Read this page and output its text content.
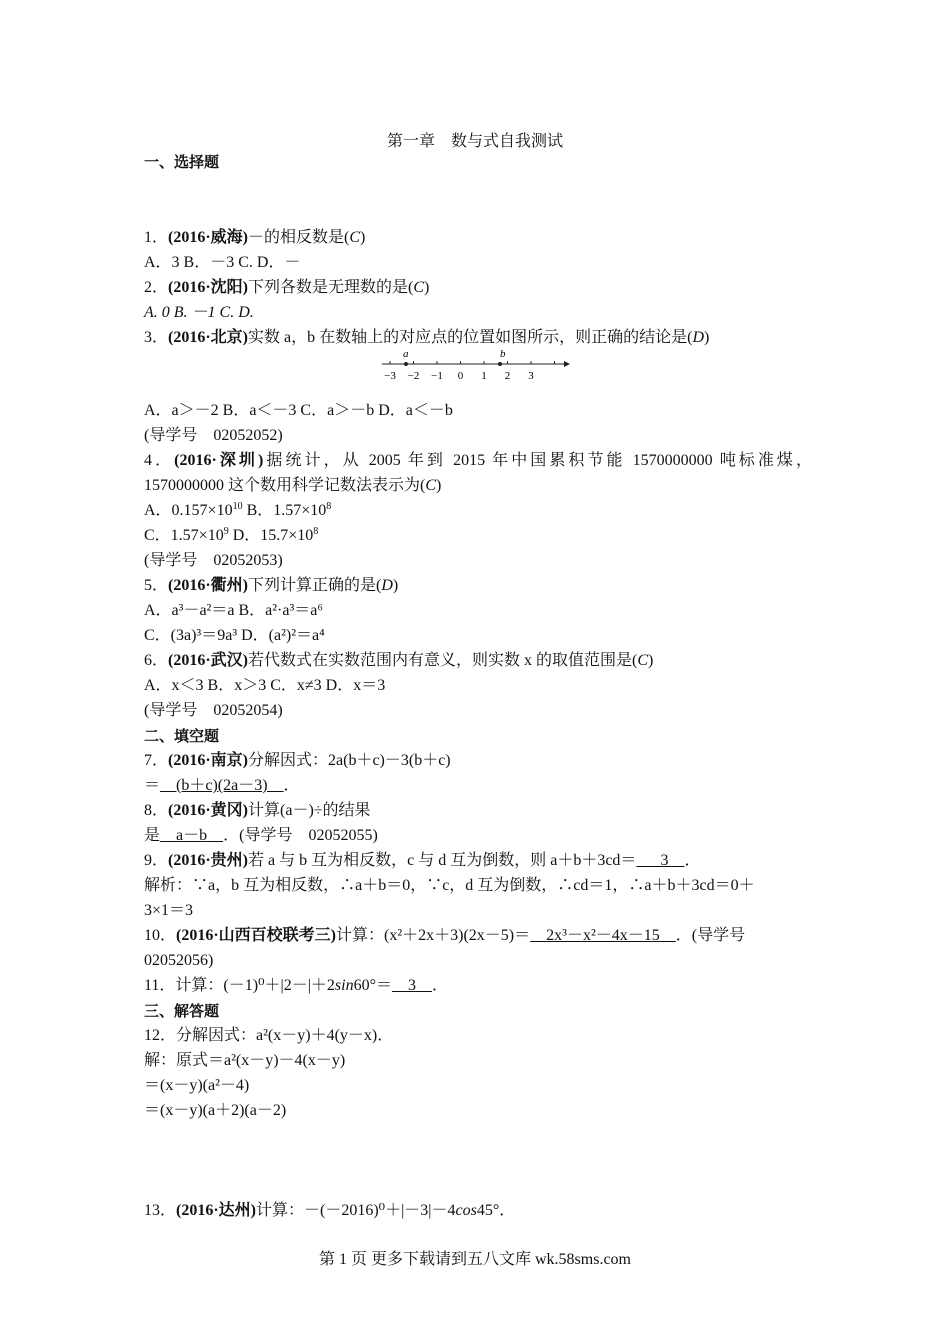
第一章　数与式自我测试
一、选择题
1．(2016·威海)－的相反数是(C)
A．3 B．－3 C. D．－
2．(2016·沈阳)下列各数是无理数的是(C)
A. 0 B. －1 C. D.
3．(2016·北京)实数 a，b 在数轴上的对应点的位置如图所示，则正确的结论是(D)
−3 −2 −1 0 1 2 3
a	b
A．a＞－2 B．a＜－3 C．a＞－b D．a＜－b
(导学号　02052052)
4．(2016·深圳)据统计，从 2005 年到 2015 年中国累积节能 1570000000 吨标准煤，
1570000000 这个数用科学记数法表示为(C)
A．$0.157\times 10^{10}$ B．$1.57\times 10^8$
C．$1.57\times 10^9$ D．$15.7\times 10^8$
(导学号　02052053)
5．(2016·衢州)下列计算正确的是(D)
A．a³－a²＝a B．a²·a³＝a⁶
C．(3a)³＝9a³ D．(a²)²＝a⁴
6．(2016·武汉)若代数式在实数范围内有意义，则实数 x 的取值范围是(C)
A．x＜3 B．x＞3 C．x≠3 D．x＝3
(导学号　02052054)
二、填空题
7．(2016·南京)分解因式：2a(b＋c)－3(b＋c)
＝  (b＋c)(2a－3)  ．
8．(2016·黄冈)计算(a－)÷的结果
是   a－b   ．(导学号　02052055)
9．(2016·贵州)若 a 与 b 互为相反数，c 与 d 互为倒数，则 a＋b＋3cd＝   3  ．
解析：∵a，b 互为相反数，∴a＋b＝0，∵c，d 互为倒数，∴cd＝1，∴a＋b＋3cd＝0＋
3×1＝3
10．(2016·山西百校联考三)计算：(x²＋2x＋3)(2x－5)＝   2x³－x²－4x－15   ．(导学号
02052056)
11．计算：(－1)⁰＋|2－|＋2sin60°＝  3  ．
三、解答题
12．分解因式：a²(x－y)＋4(y－x)．
解：原式＝a²(x－y)－4(x－y)
＝(x－y)(a²－4)
＝(x－y)(a＋2)(a－2)
13．(2016·达州)计算：－(－2016)⁰＋|－3|－4cos45°．
第 1 页 更多下载请到五八文库 wk.58sms.com
